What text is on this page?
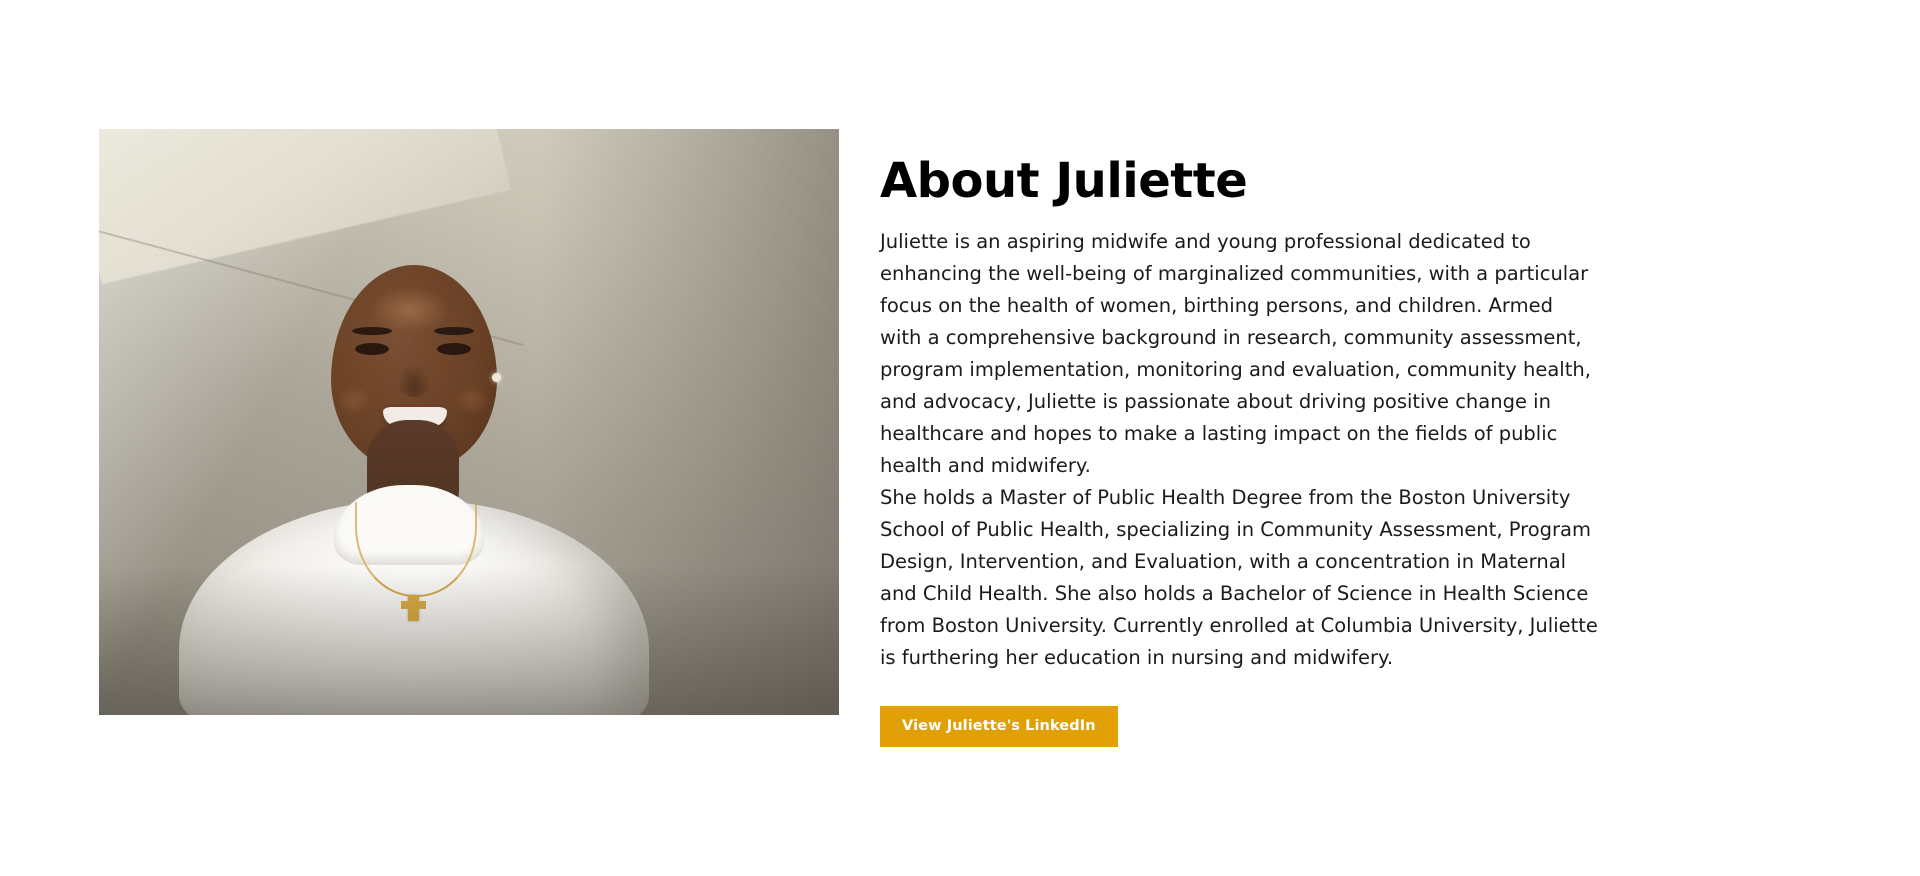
About Juliette

Juliette is an aspiring midwife and young professional dedicated to enhancing the well-being of marginalized communities, with a particular focus on the health of women, birthing persons, and children. Armed with a comprehensive background in research, community assessment, program implementation, monitoring and evaluation, community health, and advocacy, Juliette is passionate about driving positive change in healthcare and hopes to make a lasting impact on the fields of public health and midwifery.

She holds a Master of Public Health Degree from the Boston University School of Public Health, specializing in Community Assessment, Program Design, Intervention, and Evaluation, with a concentration in Maternal and Child Health. She also holds a Bachelor of Science in Health Science from Boston University. Currently enrolled at Columbia University, Juliette is furthering her education in nursing and midwifery.

View Juliette's LinkedIn
